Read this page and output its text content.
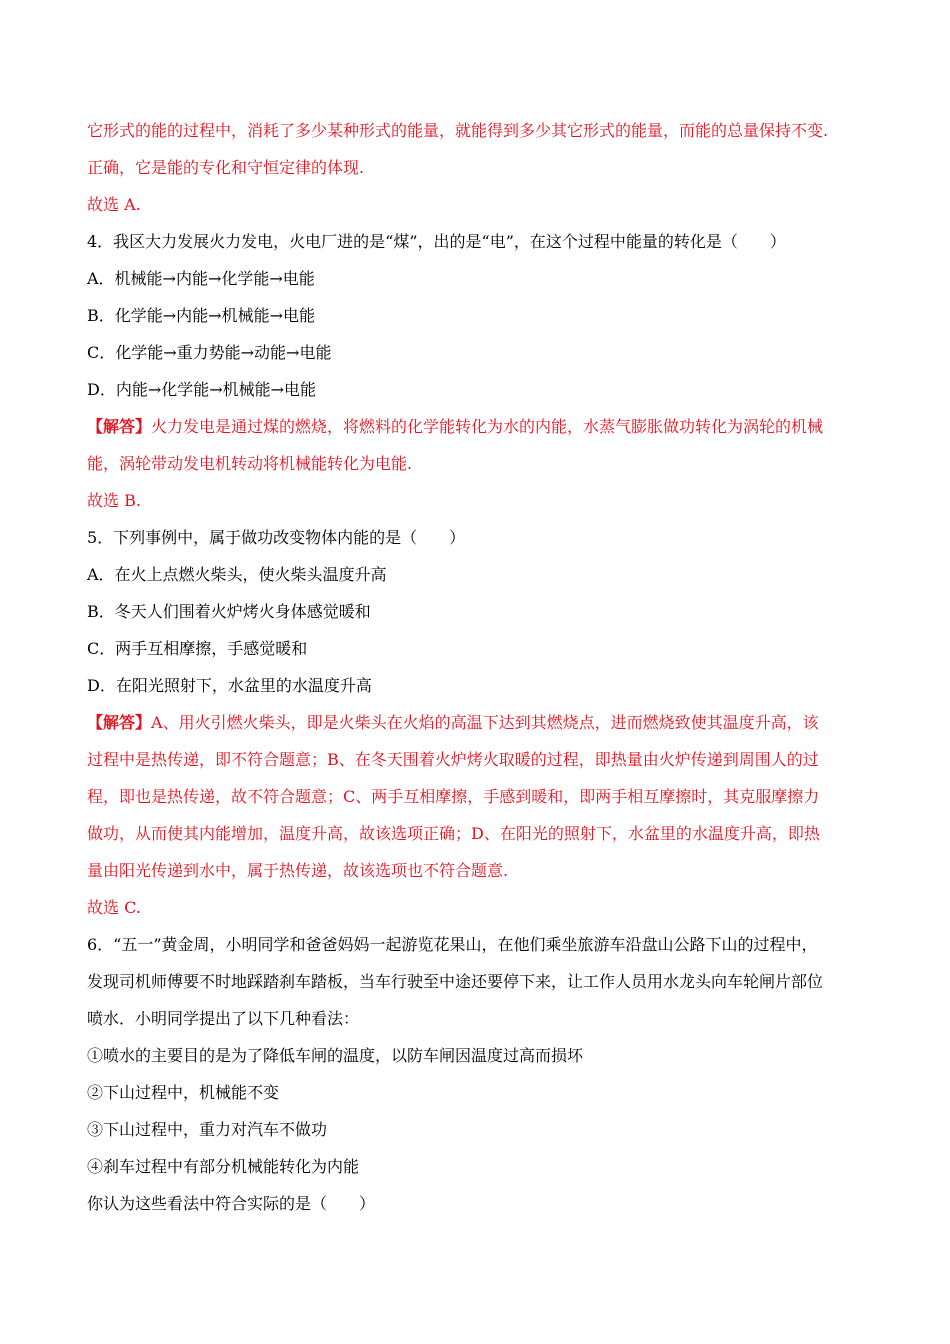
它形式的能的过程中，消耗了多少某种形式的能量，就能得到多少其它形式的能量，而能的总量保持不变.
正确，它是能的专化和守恒定律的体现.
故选 A.
4．我区大力发展火力发电，火电厂进的是“煤”，出的是“电”，在这个过程中能量的转化是（　　）
A．机械能→内能→化学能→电能
B．化学能→内能→机械能→电能
C．化学能→重力势能→动能→电能
D．内能→化学能→机械能→电能
【解答】火力发电是通过煤的燃烧，将燃料的化学能转化为水的内能，水蒸气膨胀做功转化为涡轮的机械
能，涡轮带动发电机转动将机械能转化为电能.
故选 B.
5．下列事例中，属于做功改变物体内能的是（　　）
A．在火上点燃火柴头，使火柴头温度升高
B．冬天人们围着火炉烤火身体感觉暖和
C．两手互相摩擦，手感觉暖和
D．在阳光照射下，水盆里的水温度升高
【解答】A、用火引燃火柴头，即是火柴头在火焰的高温下达到其燃烧点，进而燃烧致使其温度升高，该
过程中是热传递，即不符合题意；B、在冬天围着火炉烤火取暖的过程，即热量由火炉传递到周围人的过
程，即也是热传递，故不符合题意；C、两手互相摩擦，手感到暖和，即两手相互摩擦时，其克服摩擦力
做功，从而使其内能增加，温度升高，故该选项正确；D、在阳光的照射下，水盆里的水温度升高，即热
量由阳光传递到水中，属于热传递，故该选项也不符合题意.
故选 C.
6．“五一”黄金周，小明同学和爸爸妈妈一起游览花果山，在他们乘坐旅游车沿盘山公路下山的过程中，
发现司机师傅要不时地踩踏刹车踏板，当车行驶至中途还要停下来，让工作人员用水龙头向车轮闸片部位
喷水．小明同学提出了以下几种看法：
①喷水的主要目的是为了降低车闸的温度，以防车闸因温度过高而损坏
②下山过程中，机械能不变
③下山过程中，重力对汽车不做功
④刹车过程中有部分机械能转化为内能
你认为这些看法中符合实际的是（　　）
